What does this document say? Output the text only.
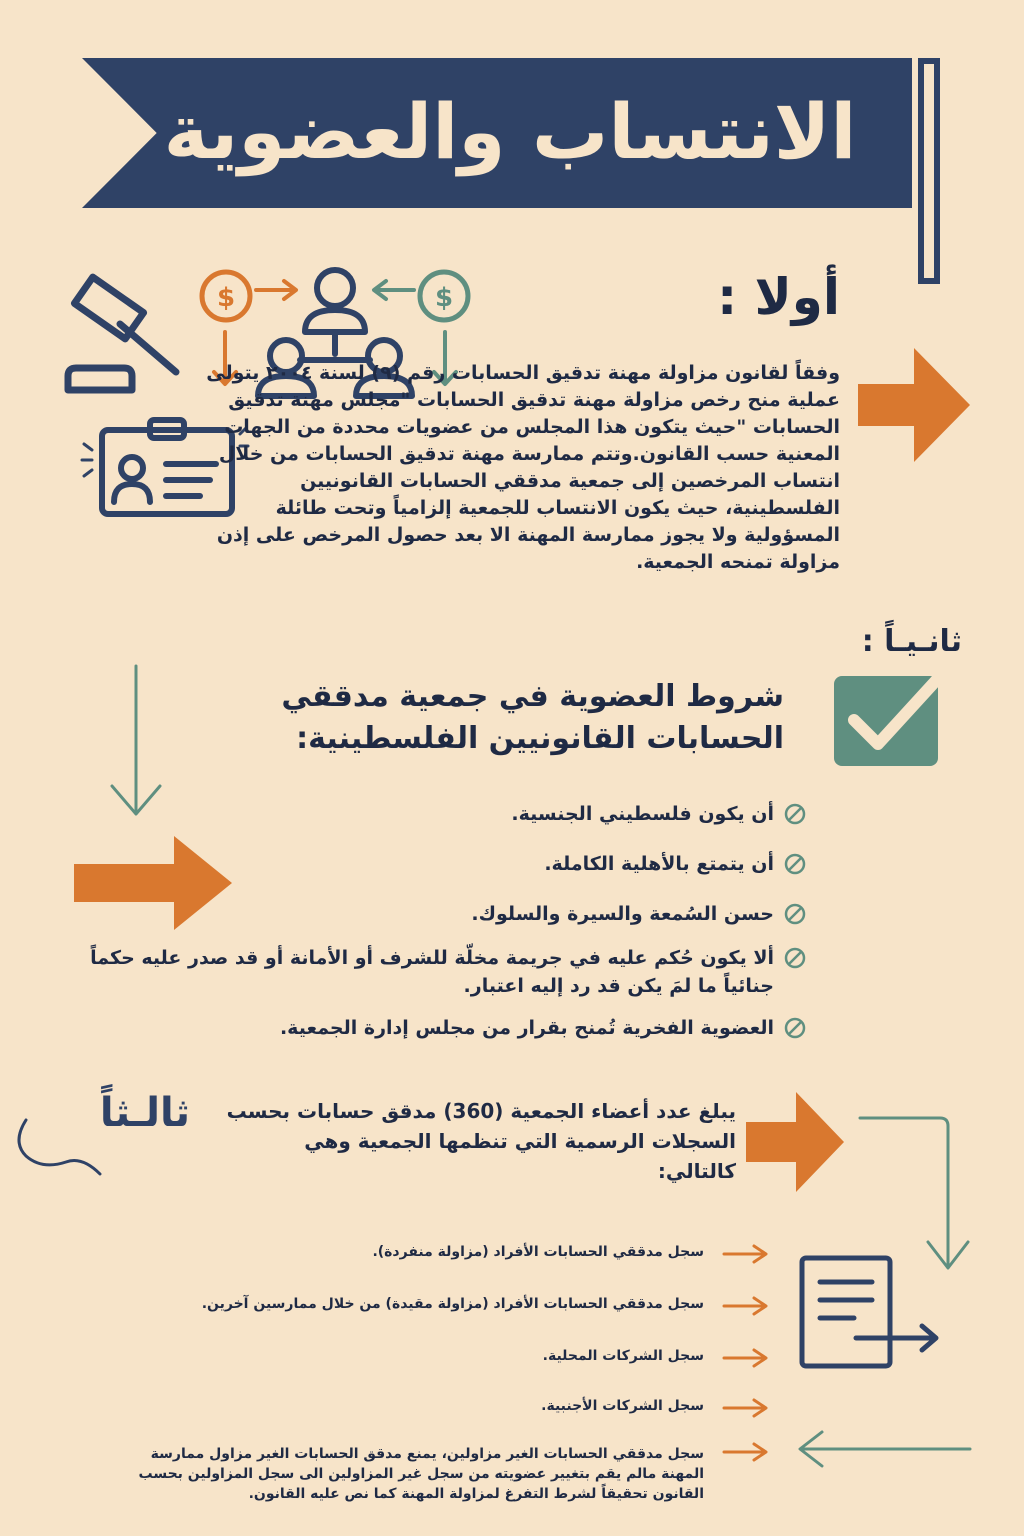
الانتساب والعضوية
أولا :
$	$
وفقاً لقانون مزاولة مهنة تدقيق الحسابات رقم (٩) لسنة ٢٠٠٤ يتولى عملية منح رخص مزاولة مهنة تدقيق الحسابات "مجلس مهنة تدقيق الحسابات "حيث يتكون هذا المجلس من عضويات محددة من الجهات المعنية حسب القانون.وتتم ممارسة مهنة تدقيق الحسابات من خلال انتساب المرخصين إلى جمعية مدققي الحسابات القانونيين الفلسطينية، حيث يكون الانتساب للجمعية إلزامياً وتحت طائلة المسؤولية ولا يجوز ممارسة المهنة الا بعد حصول المرخص على إذن مزاولة تمنحه الجمعية.
ثانـيـاً :
شروط العضوية في جمعية مدققي الحسابات القانونيين الفلسطينية:
أن يكون فلسطيني الجنسية.
أن يتمتع بالأهلية الكاملة.
حسن السُمعة والسيرة والسلوك.
ألا يكون حُكم عليه في جريمة مخلّة للشرف أو الأمانة أو قد صدر عليه حكماً جنائياً ما لمَ يكن قد رد إليه اعتبار.
العضوية الفخرية تُمنح بقرار من مجلس إدارة الجمعية.
ثالـثاً يبلغ عدد أعضاء الجمعية (360) مدقق حسابات بحسب السجلات الرسمية التي تنظمها الجمعية وهي كالتالي:
سجل مدققي الحسابات الأفراد (مزاولة منفردة).
سجل مدققي الحسابات الأفراد (مزاولة مقيدة) من خلال ممارسين آخرين.
سجل الشركات المحلية.
سجل الشركات الأجنبية.
سجل مدققي الحسابات الغير مزاولين، يمنع مدقق الحسابات الغير مزاول ممارسة المهنة مالم يقم بتغيير عضويته من سجل غير المزاولين الى سجل المزاولين بحسب القانون تحقيقاً لشرط التفرغ لمزاولة المهنة كما نص عليه القانون.
